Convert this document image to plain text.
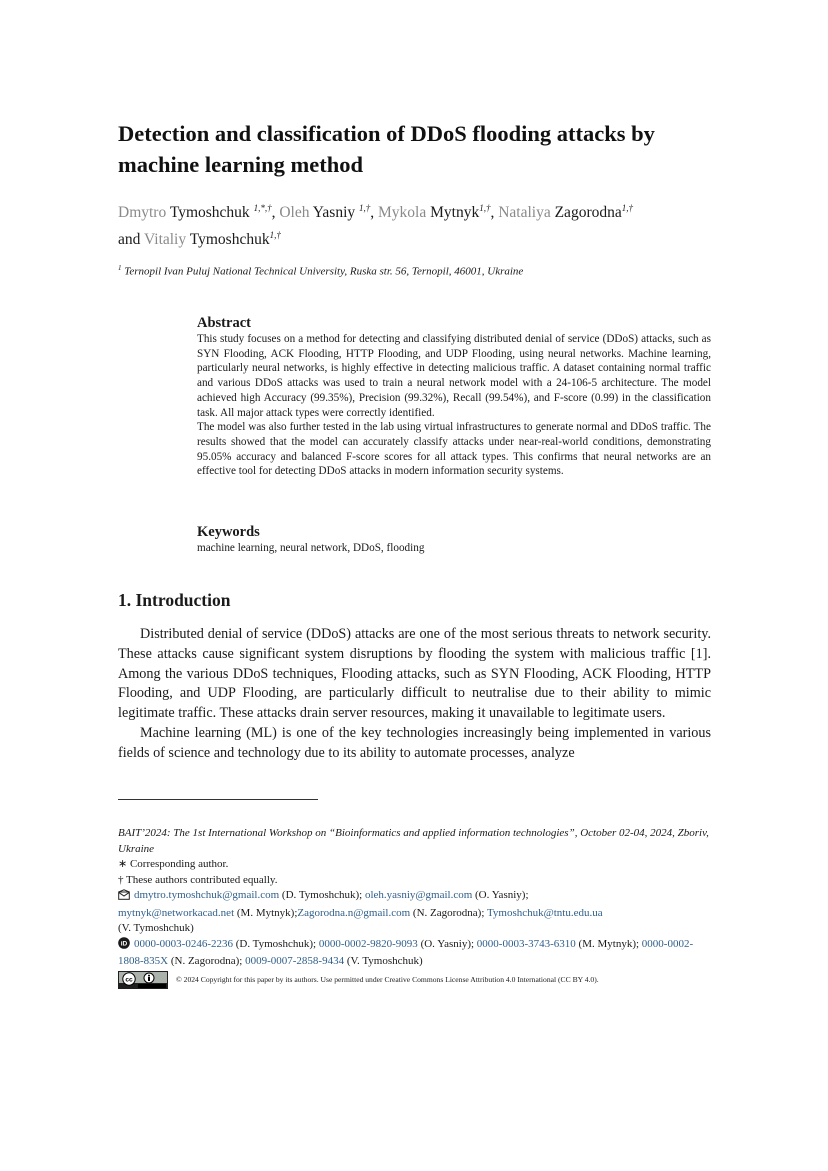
Detection and classification of DDoS flooding attacks by machine learning method
Dmytro Tymoshchuk $^{1,*,\dagger}$, Oleh Yasniy $^{1,\dagger}$, Mykola Mytnyk$^{1,\dagger}$, Nataliya Zagorodna$^{1,\dagger}$
and Vitaliy Tymoshchuk$^{1,\dagger}$
$^1$ Ternopil Ivan Puluj National Technical University, Ruska str. 56, Ternopil, 46001, Ukraine
Abstract

This study focuses on a method for detecting and classifying distributed denial of service (DDoS) attacks, such as SYN Flooding, ACK Flooding, HTTP Flooding, and UDP Flooding, using neural networks. Machine learning, particularly neural networks, is highly effective in detecting malicious traffic. A dataset containing normal traffic and various DDoS attacks was used to train a neural network model with a 24-106-5 architecture. The model achieved high Accuracy (99.35%), Precision (99.32%), Recall (99.54%), and F-score (0.99) in the classification task. All major attack types were correctly identified.

The model was also further tested in the lab using virtual infrastructures to generate normal and DDoS traffic. The results showed that the model can accurately classify attacks under near-real-world conditions, demonstrating 95.05% accuracy and balanced F-score scores for all attack types. This confirms that neural networks are an effective tool for detecting DDoS attacks in modern information security systems.

Keywords

machine learning, neural network, DDoS, flooding

1. Introduction

Distributed denial of service (DDoS) attacks are one of the most serious threats to network security. These attacks cause significant system disruptions by flooding the system with malicious traffic [1]. Among the various DDoS techniques, Flooding attacks, such as SYN Flooding, ACK Flooding, HTTP Flooding, and UDP Flooding, are particularly difficult to neutralise due to their ability to mimic legitimate traffic. These attacks drain server resources, making it unavailable to legitimate users.

Machine learning (ML) is one of the key technologies increasingly being implemented in various fields of science and technology due to its ability to automate processes, analyze

BAIT’2024: The 1st International Workshop on “Bioinformatics and applied information technologies”, October 02-04, 2024, Zboriv, Ukraine
∗ Corresponding author.
† These authors contributed equally.
dmytro.tymoshchuk@gmail.com (D. Tymoshchuk); oleh.yasniy@gmail.com (O. Yasniy);
mytnyk@networkacad.net (M. Mytnyk);Zagorodna.n@gmail.com (N. Zagorodna); Tymoshchuk@tntu.edu.ua
(V. Tymoshchuk)
iD 0000-0003-0246-2236 (D. Tymoshchuk); 0000-0002-9820-9093 (O. Yasniy); 0000-0003-3743-6310 (M. Mytnyk); 0000-0002-1808-835X (N. Zagorodna); 0009-0007-2858-9434 (V. Tymoshchuk)
cc	© 2024 Copyright for this paper by its authors. Use permitted under Creative Commons License Attribution 4.0 International (CC BY 4.0).
